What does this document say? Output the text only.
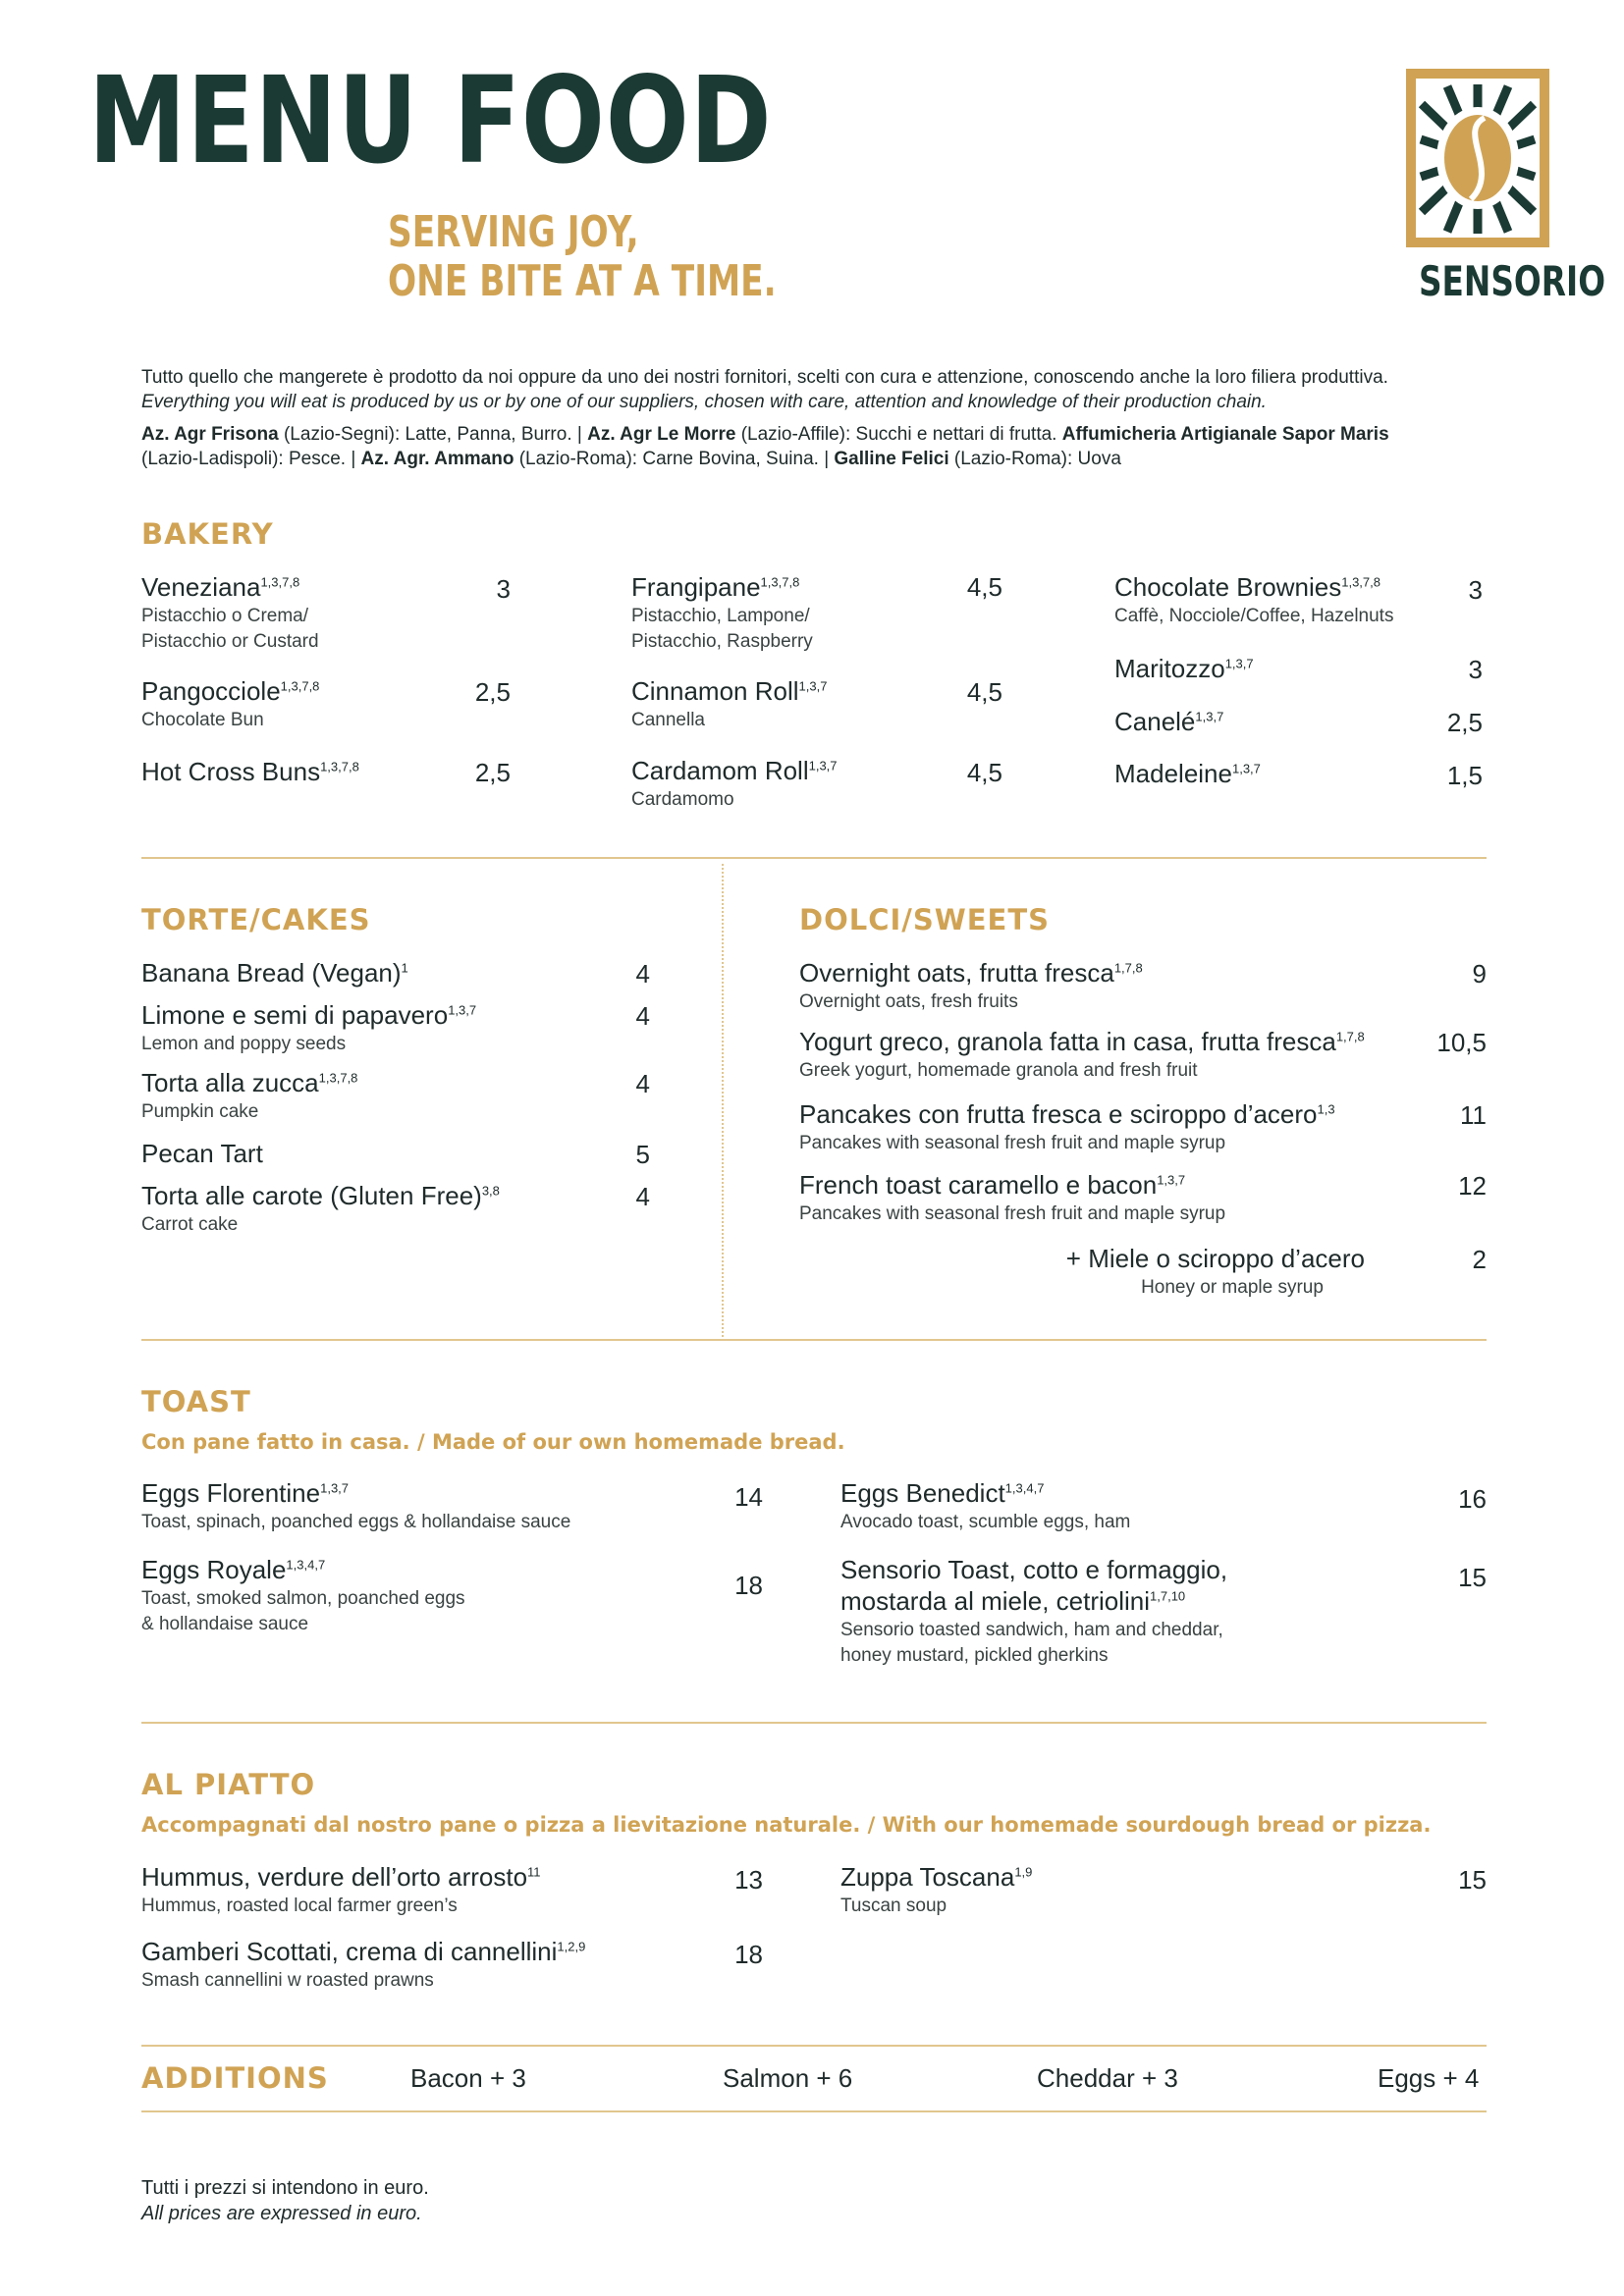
MENU FOOD
SERVING JOY,
ONE BITE AT A TIME.	SENSORIO
Tutto quello che mangerete è prodotto da noi oppure da uno dei nostri fornitori, scelti con cura e attenzione, conoscendo anche la loro filiera produttiva.
Everything you will eat is produced by us or by one of our suppliers, chosen with care, attention and knowledge of their production chain.
Az. Agr Frisona (Lazio-Segni): Latte, Panna, Burro. | Az. Agr Le Morre (Lazio-Affile): Succhi e nettari di frutta. Affumicheria Artigianale Sapor Maris
(Lazio-Ladispoli): Pesce. | Az. Agr. Ammano (Lazio-Roma): Carne Bovina, Suina. | Galline Felici (Lazio-Roma): Uova
BAKERY
Veneziana$^{1,3,7,8}$
Pistacchio o Crema/
Pistacchio or Custard
3
Pangocciole$^{1,3,7,8}$
Chocolate Bun
2,5
Hot Cross Buns$^{1,3,7,8}$	2,5
Frangipane$^{1,3,7,8}$
Pistacchio, Lampone/
Pistacchio, Raspberry
4,5
Cinnamon Roll$^{1,3,7}$
Cannella
4,5
Cardamom Roll$^{1,3,7}$
Cardamomo
4,5
Chocolate Brownies$^{1,3,7,8}$
Caffè, Nocciole/Coffee, Hazelnuts
3
Maritozzo$^{1,3,7}$	3
Canelé$^{1,3,7}$	2,5
Madeleine$^{1,3,7}$	1,5
TORTE/CAKES
Banana Bread (Vegan)$^1$	4
Limone e semi di papavero$^{1,3,7}$
Lemon and poppy seeds
4
Torta alla zucca$^{1,3,7,8}$
Pumpkin cake
4
Pecan Tart	5
Torta alle carote (Gluten Free)$^{3,8}$
Carrot cake
4
DOLCI/SWEETS
Overnight oats, frutta fresca$^{1,7,8}$
Overnight oats, fresh fruits
9
Yogurt greco, granola fatta in casa, frutta fresca$^{1,7,8}$
Greek yogurt, homemade granola and fresh fruit
10,5
Pancakes con frutta fresca e sciroppo d’acero$^{1,3}$
Pancakes with seasonal fresh fruit and maple syrup
11
French toast caramello e bacon$^{1,3,7}$
Pancakes with seasonal fresh fruit and maple syrup
12
+ Miele o sciroppo d’acero
Honey or maple syrup
2
TOAST
Con pane fatto in casa. / Made of our own homemade bread.
Eggs Florentine$^{1,3,7}$
Toast, spinach, poanched eggs & hollandaise sauce
14
Eggs Royale$^{1,3,4,7}$
Toast, smoked salmon, poanched eggs
& hollandaise sauce
18
Eggs Benedict$^{1,3,4,7}$
Avocado toast, scumble eggs, ham
16
Sensorio Toast, cotto e formaggio,
mostarda al miele, cetriolini$^{1,7,10}$
Sensorio toasted sandwich, ham and cheddar,
honey mustard, pickled gherkins
15
AL PIATTO
Accompagnati dal nostro pane o pizza a lievitazione naturale. / With our homemade sourdough bread or pizza.
Hummus, verdure dell’orto arrosto$^{11}$
Hummus, roasted local farmer green’s
13
Gamberi Scottati, crema di cannellini$^{1,2,9}$
Smash cannellini w roasted prawns
18
Zuppa Toscana$^{1,9}$
Tuscan soup
15
ADDITIONS	Bacon + 3	Salmon + 6	Cheddar + 3	Eggs + 4
Tutti i prezzi si intendono in euro.
All prices are expressed in euro.
